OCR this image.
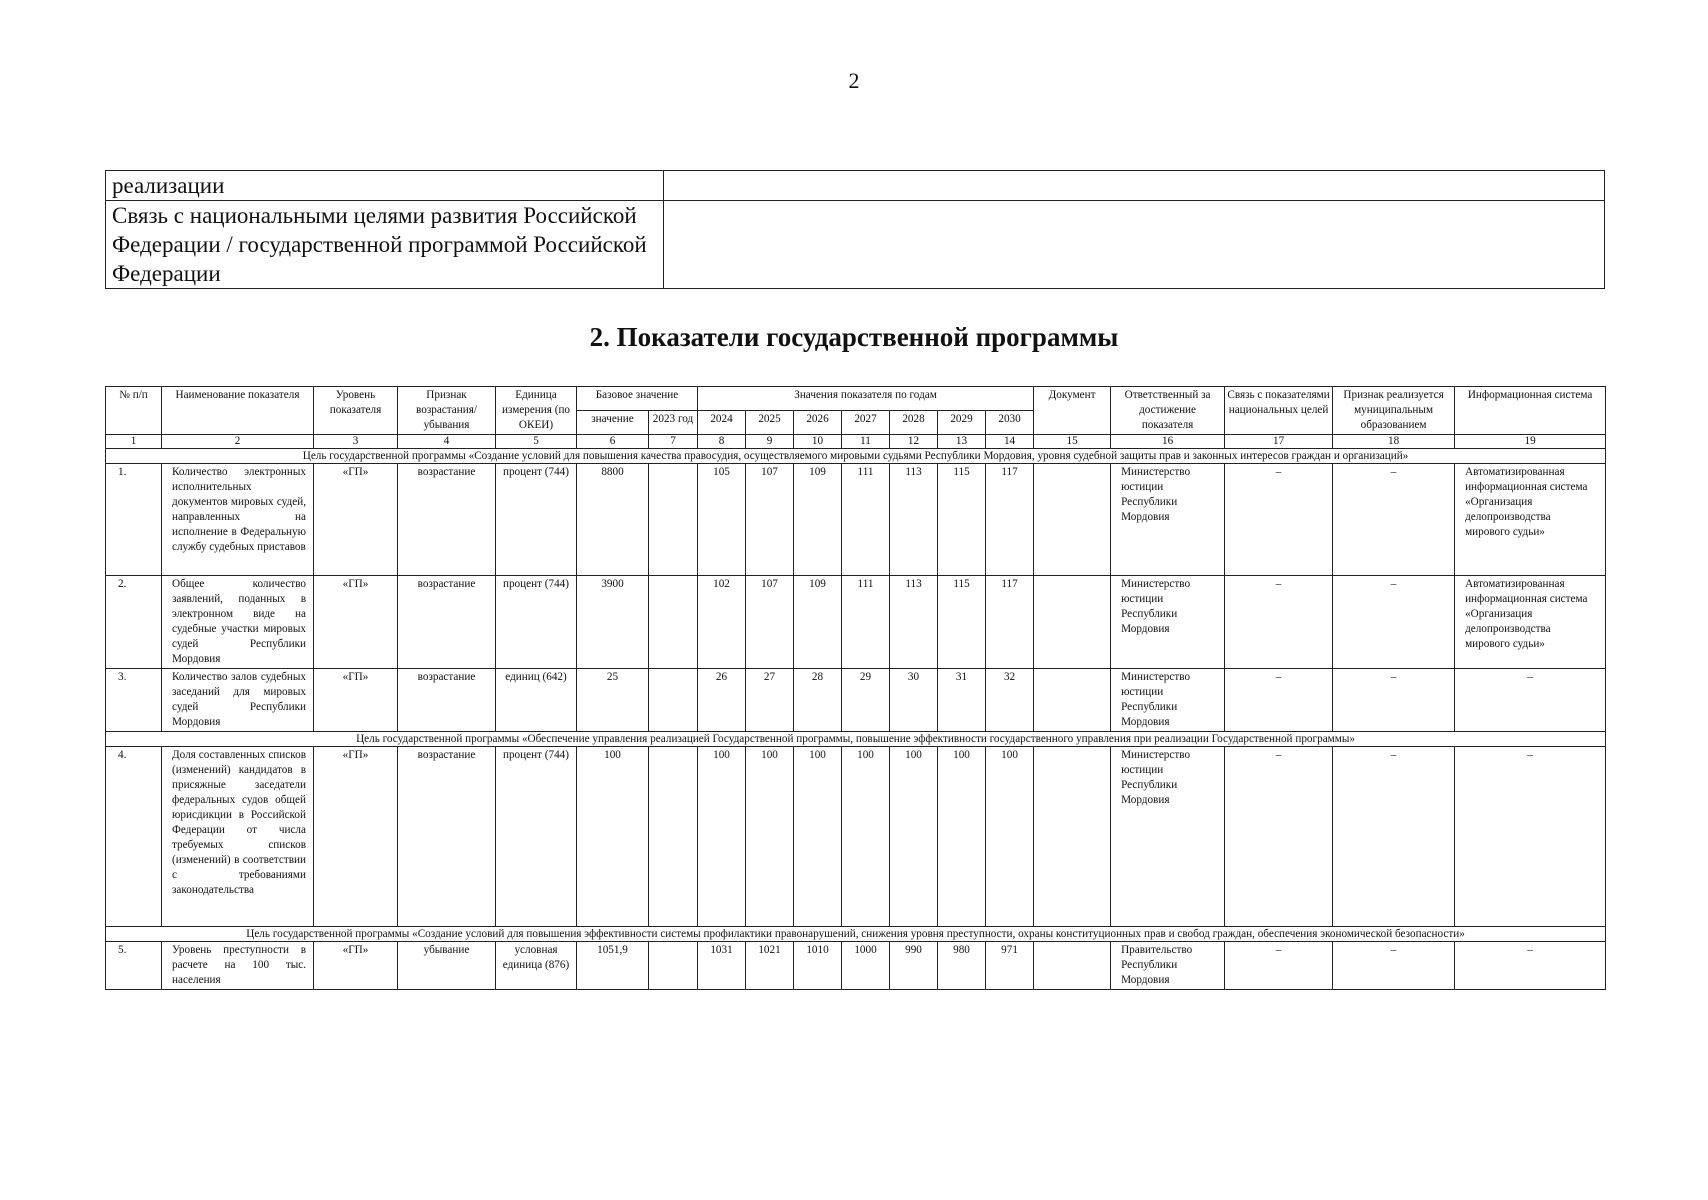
2
реализации	
Связь с национальными целями развития Российской Федерации / государственной программой Российской Федерации	
2. Показатели государственной программы
№ п/п	Наименование показателя	Уровень показателя	Признак возрастания/ убывания	Единица измерения (по ОКЕИ)	Базовое значение		Значения показателя по годам							Документ	Ответственный за достижение показателя	Связь с показателями национальных целей	Признак реализуется муниципальным образованием	Информационная система
					значение	2023 год	2024	2025	2026	2027	2028	2029	2030					
1	2	3	4	5	6	7	8	9	10	11	12	13	14	15	16	17	18	19
Цель государственной программы «Создание условий для повышения качества правосудия, осуществляемого мировыми судьями Республики Мордовия, уровня судебной защиты прав и законных интересов граждан и организаций»																		
1.	Количество электронных исполнительных документов мировых судей, направленных на исполнение в Федеральную службу судебных приставов	«ГП»	возрастание	процент (744)	8800		105	107	109	111	113	115	117		Министерство юстиции Республики Мордовия	–	–	Автоматизированная информационная система «Организация делопроизводства мирового судьи»
2.	Общее количество заявлений, поданных в электронном виде на судебные участки мировых судей Республики Мордовия	«ГП»	возрастание	процент (744)	3900		102	107	109	111	113	115	117		Министерство юстиции Республики Мордовия	–	–	Автоматизированная информационная система «Организация делопроизводства мирового судьи»
3.	Количество залов судебных заседаний для мировых судей Республики Мордовия	«ГП»	возрастание	единиц (642)	25		26	27	28	29	30	31	32		Министерство юстиции Республики Мордовия	–	–	–
Цель государственной программы «Обеспечение управления реализацией Государственной программы, повышение эффективности государственного управления при реализации Государственной программы»																		
4.	Доля составленных списков (изменений) кандидатов в присяжные заседатели федеральных судов общей юрисдикции в Российской Федерации от числа требуемых списков (изменений) в соответствии с требованиями законодательства	«ГП»	возрастание	процент (744)	100		100	100	100	100	100	100	100		Министерство юстиции Республики Мордовия	–	–	–
Цель государственной программы «Создание условий для повышения эффективности системы профилактики правонарушений, снижения уровня преступности, охраны конституционных прав и свобод граждан, обеспечения экономической безопасности»																		
5.	Уровень преступности в расчете на 100 тыс. населения	«ГП»	убывание	условная единица (876)	1051,9		1031	1021	1010	1000	990	980	971		Правительство Республики Мордовия	–	–	–
